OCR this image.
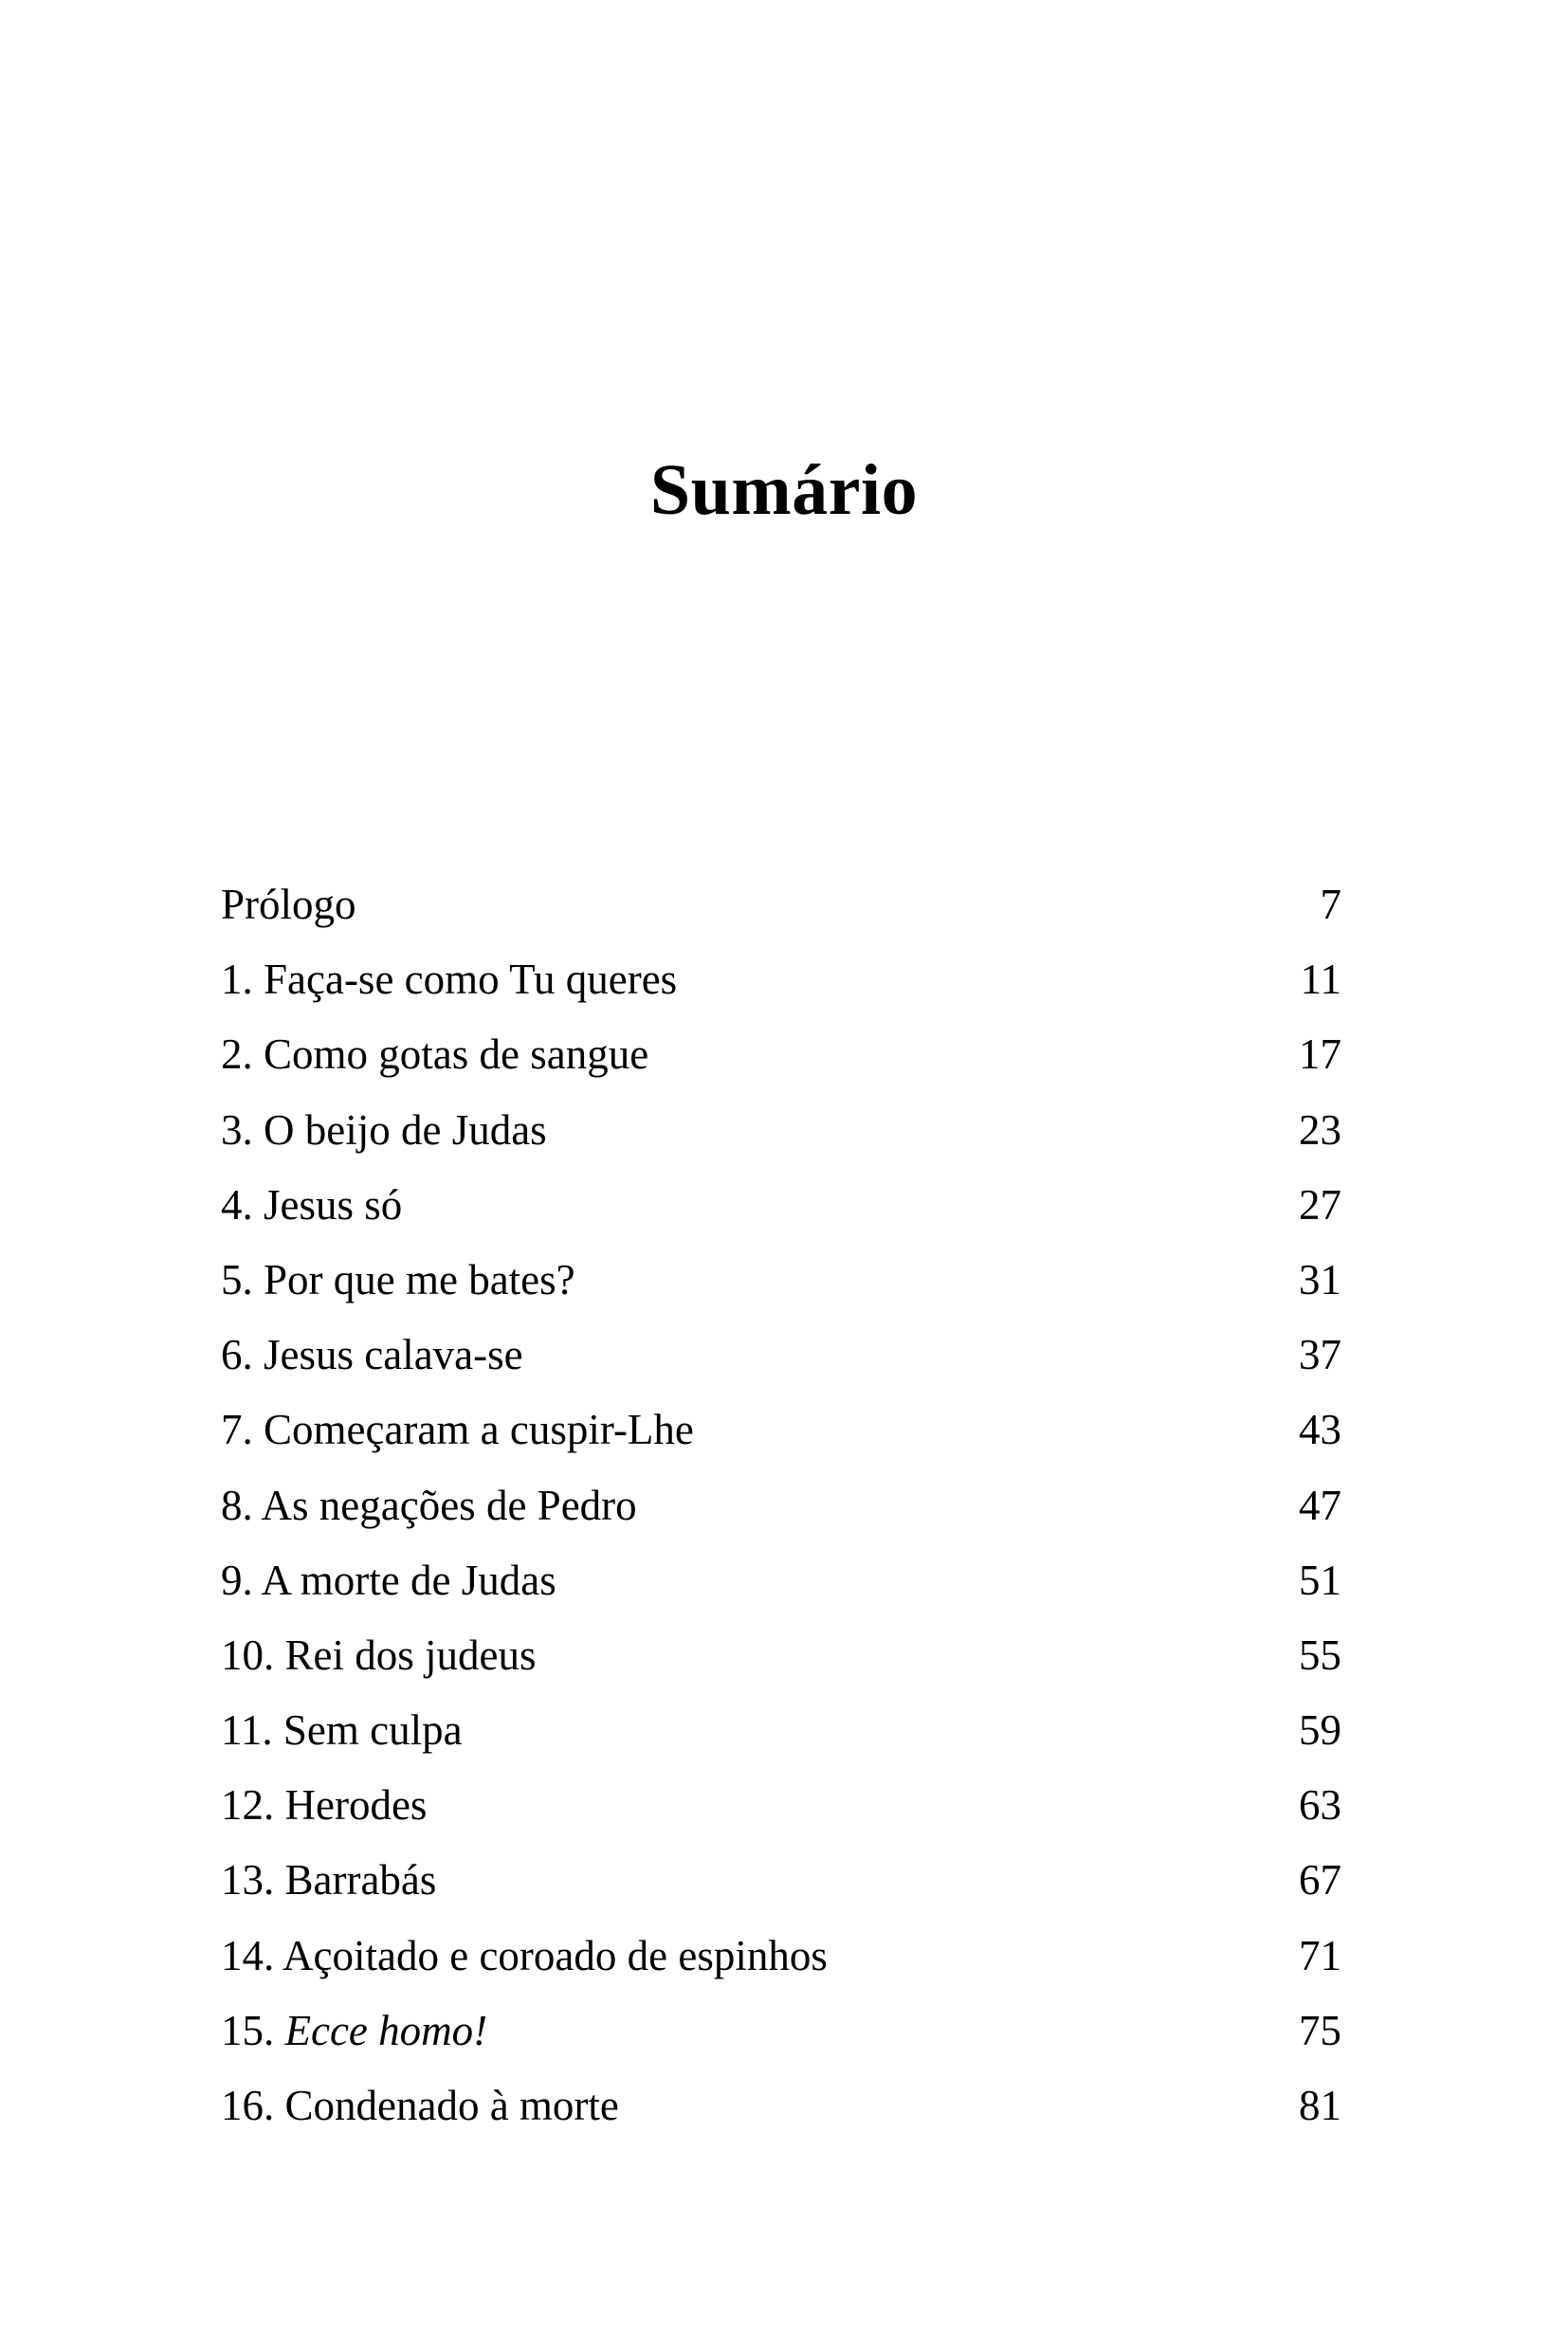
Sumário
Prólogo	7
1. Faça-se como Tu queres	11
2. Como gotas de sangue	17
3. O beijo de Judas	23
4. Jesus só	27
5. Por que me bates?	31
6. Jesus calava-se	37
7. Começaram a cuspir-Lhe	43
8. As negações de Pedro	47
9. A morte de Judas	51
10. Rei dos judeus	55
11. Sem culpa	59
12. Herodes	63
13. Barrabás	67
14. Açoitado e coroado de espinhos	71
15. Ecce homo!	75
16. Condenado à morte	81
